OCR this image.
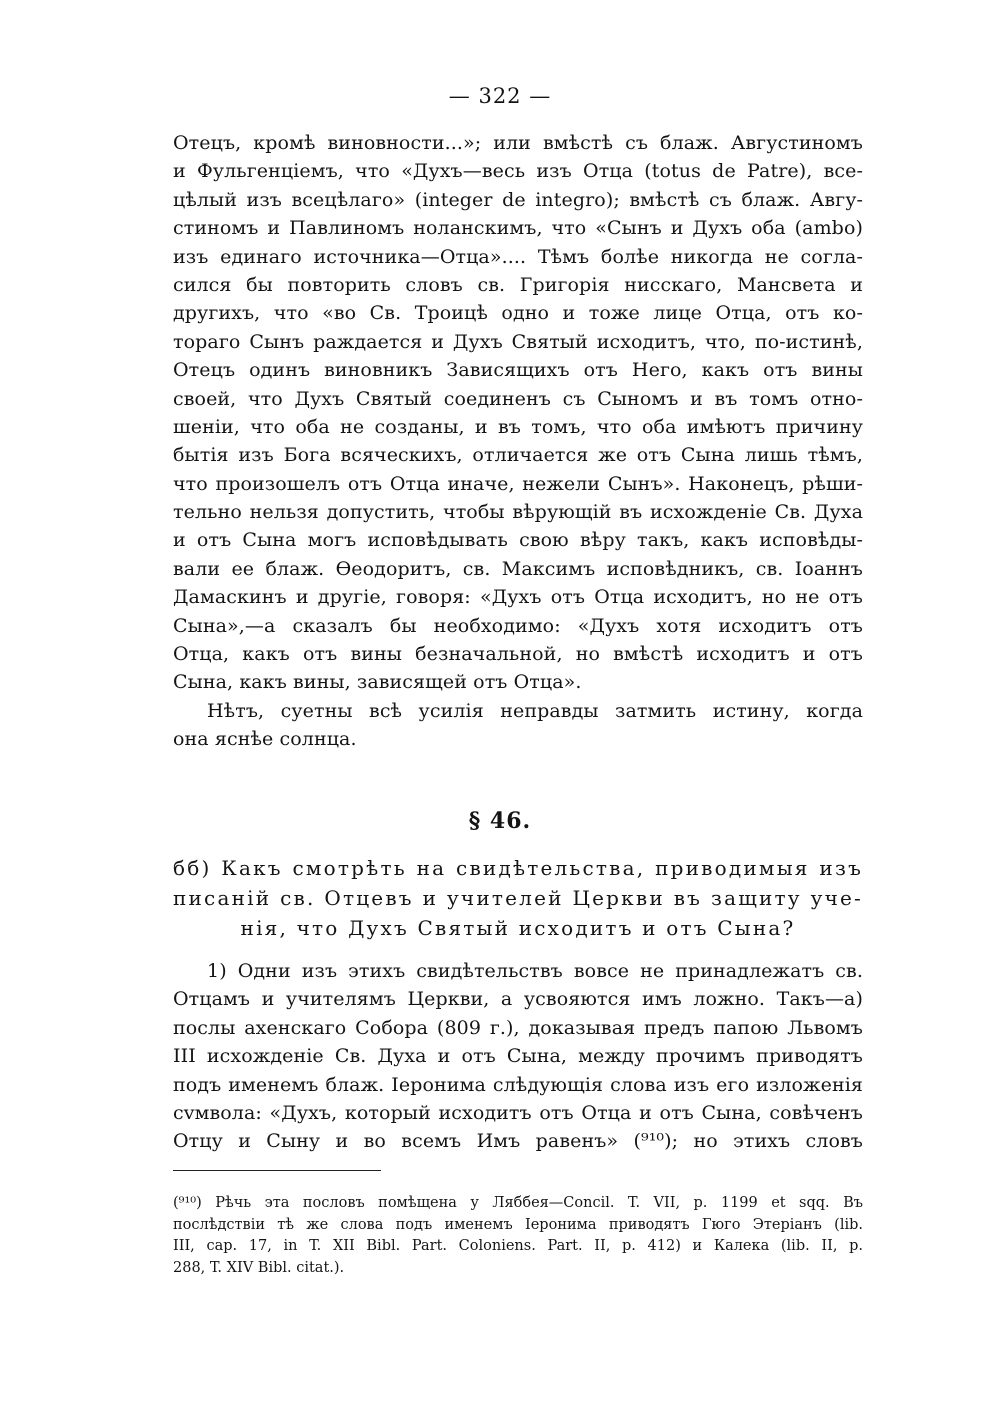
— 322 —
Отецъ, кромѣ виновности...»; или вмѣстѣ съ блаж. Августиномъ
и Фульгенціемъ, что «Духъ—весь изъ Отца (totus de Patre), все-
цѣлый изъ всецѣлаго» (integer de integro); вмѣстѣ съ блаж. Авгу-
стиномъ и Павлиномъ ноланскимъ, что «Сынъ и Духъ оба (ambo)
изъ единаго источника—Отца».... Тѣмъ болѣе никогда не согла-
сился бы повторить словъ св. Григорія нисскаго, Мансвета и
другихъ, что «во Св. Троицѣ одно и тоже лице Отца, отъ ко-
тораго Сынъ раждается и Духъ Святый исходитъ, что, по-истинѣ,
Отецъ одинъ виновникъ Зависящихъ отъ Него, какъ отъ вины
своей, что Духъ Святый соединенъ съ Сыномъ и въ томъ отно-
шеніи, что оба не созданы, и въ томъ, что оба имѣютъ причину
бытія изъ Бога всяческихъ, отличается же отъ Сына лишь тѣмъ,
что произошелъ отъ Отца иначе, нежели Сынъ». Наконецъ, рѣши-
тельно нельзя допустить, чтобы вѣрующій въ исхожденіе Св. Духа
и отъ Сына могъ исповѣдывать свою вѣру такъ, какъ исповѣды-
вали ее блаж. Ѳеодоритъ, св. Максимъ исповѣдникъ, св. Іоаннъ
Дамаскинъ и другіе, говоря: «Духъ отъ Отца исходитъ, но не отъ
Сына»,—а сказалъ бы необходимо: «Духъ хотя исходитъ отъ
Отца, какъ отъ вины безначальной, но вмѣстѣ исходитъ и отъ
Сына, какъ вины, зависящей отъ Отца».
Нѣтъ, суетны всѣ усилія неправды затмить истину, когда
она яснѣе солнца.
§ 46.
бб) Какъ смотрѣть на свидѣтельства, приводимыя изъ
писаній св. Отцевъ и учителей Церкви въ защиту уче-
нія, что Духъ Святый исходитъ и отъ Сына?
1) Одни изъ этихъ свидѣтельствъ вовсе не принадлежатъ св.
Отцамъ и учителямъ Церкви, а усвояются имъ ложно. Такъ—а)
послы ахенскаго Собора (809 г.), доказывая предъ папою Львомъ
III исхожденіе Св. Духа и отъ Сына, между прочимъ приводятъ
подъ именемъ блаж. Іеронима слѣдующія слова изъ его изложенія
сvмвола: «Духъ, который исходитъ отъ Отца и отъ Сына, совѣченъ
Отцу и Сыну и во всемъ Имъ равенъ» (⁹¹⁰); но этихъ словъ
(⁹¹⁰) Рѣчь эта пословъ помѣщена у Ляббея—Concil. T. VII, p. 1199 et sqq. Въ
послѣдствіи тѣ же слова подъ именемъ Іеронима приводятъ Гюго Этеріанъ (lib.
III, cap. 17, in T. XII Bibl. Part. Coloniens. Part. II, p. 412) и Калека (lib. II, p.
288, T. XIV Bibl. citat.).
